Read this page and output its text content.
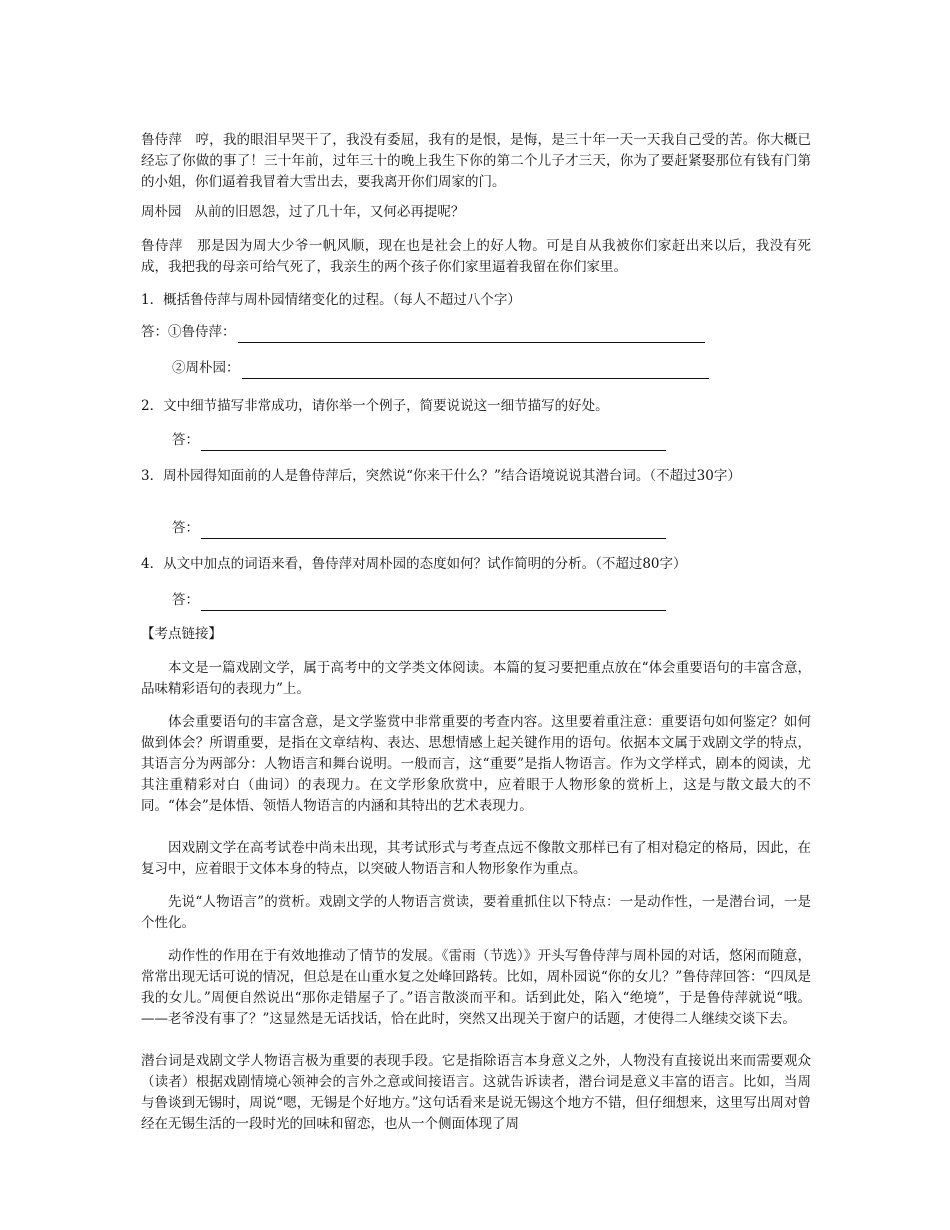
鲁侍萍 哼，我的眼泪早哭干了，我没有委屈，我有的是恨，是悔，是三十年一天一天我自己受的苦。你大概已经忘了你做的事了！三十年前，过年三十的晚上我生下你的第二个儿子才三天，你为了要赶紧娶那位有钱有门第的小姐，你们逼着我冒着大雪出去，要我离开你们周家的门。

周朴园 从前的旧恩怨，过了几十年，又何必再提呢？

鲁侍萍 那是因为周大少爷一帆风顺，现在也是社会上的好人物。可是自从我被你们家赶出来以后，我没有死成，我把我的母亲可给气死了，我亲生的两个孩子你们家里逼着我留在你们家里。

1．概括鲁侍萍与周朴园情绪变化的过程。（每人不超过八个字）

答：①鲁侍萍：
②周朴园：

2．文中细节描写非常成功，请你举一个例子，简要说说这一细节描写的好处。

答：

3．周朴园得知面前的人是鲁侍萍后，突然说“你来干什么？”结合语境说说其潜台词。（不超过30字）

答：

4．从文中加点的词语来看，鲁侍萍对周朴园的态度如何？试作简明的分析。（不超过80字）

答：

【考点链接】

本文是一篇戏剧文学，属于高考中的文学类文体阅读。本篇的复习要把重点放在“体会重要语句的丰富含意，品味精彩语句的表现力”上。

体会重要语句的丰富含意，是文学鉴赏中非常重要的考查内容。这里要着重注意：重要语句如何鉴定？如何做到体会？所谓重要，是指在文章结构、表达、思想情感上起关键作用的语句。依据本文属于戏剧文学的特点，其语言分为两部分：人物语言和舞台说明。一般而言，这“重要”是指人物语言。作为文学样式，剧本的阅读，尤其注重精彩对白（曲词）的表现力。在文学形象欣赏中，应着眼于人物形象的赏析上，这是与散文最大的不同。“体会”是体悟、领悟人物语言的内涵和其特出的艺术表现力。

因戏剧文学在高考试卷中尚未出现，其考试形式与考查点远不像散文那样已有了相对稳定的格局，因此，在复习中，应着眼于文体本身的特点，以突破人物语言和人物形象作为重点。

先说“人物语言”的赏析。戏剧文学的人物语言赏读，要着重抓住以下特点：一是动作性，一是潜台词，一是个性化。

动作性的作用在于有效地推动了情节的发展。《雷雨（节选）》开头写鲁侍萍与周朴园的对话，悠闲而随意，常常出现无话可说的情况，但总是在山重水复之处峰回路转。比如，周朴园说“你的女儿？”鲁侍萍回答：“四凤是我的女儿。”周便自然说出“那你走错屋子了。”语言散淡而平和。话到此处，陷入“绝境”，于是鲁侍萍就说“哦。——老爷没有事了？”这显然是无话找话，恰在此时，突然又出现关于窗户的话题，才使得二人继续交谈下去。

潜台词是戏剧文学人物语言极为重要的表现手段。它是指除语言本身意义之外，人物没有直接说出来而需要观众（读者）根据戏剧情境心领神会的言外之意或间接语言。这就告诉读者，潜台词是意义丰富的语言。比如，当周与鲁谈到无锡时，周说“嗯，无锡是个好地方。”这句话看来是说无锡这个地方不错，但仔细想来，这里写出周对曾经在无锡生活的一段时光的回味和留恋，也从一个侧面体现了周
